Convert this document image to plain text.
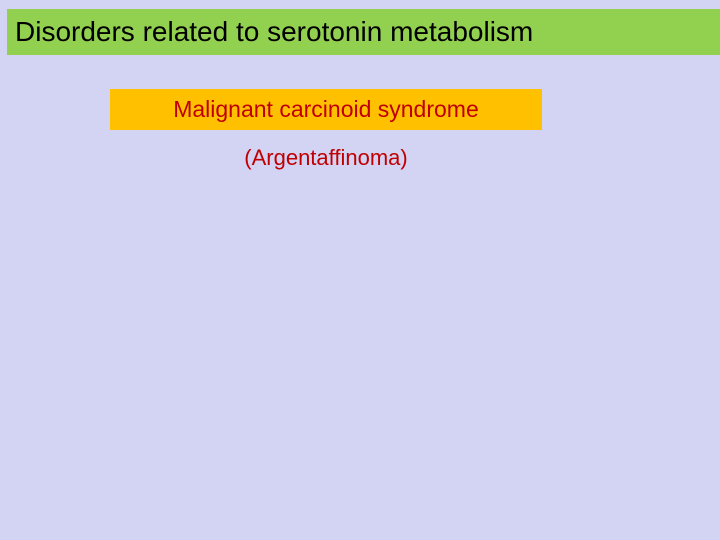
Disorders related to serotonin metabolism
Malignant carcinoid syndrome
(Argentaffinoma)
